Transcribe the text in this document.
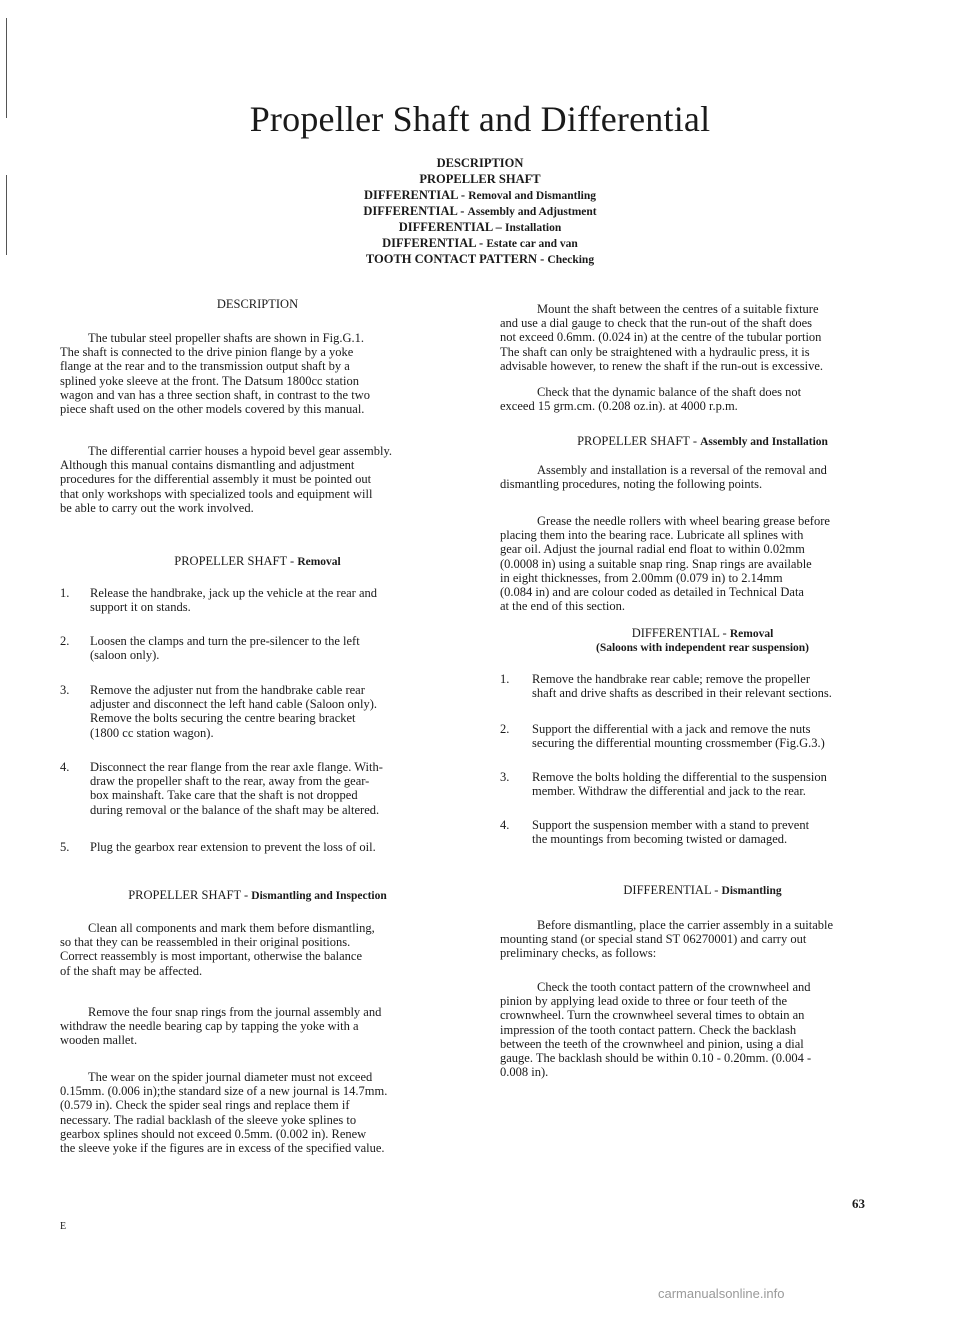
Propeller Shaft and Differential
DESCRIPTION
PROPELLER SHAFT
DIFFERENTIAL - Removal and Dismantling
DIFFERENTIAL - Assembly and Adjustment
DIFFERENTIAL – Installation
DIFFERENTIAL - Estate car and van
TOOTH CONTACT PATTERN - Checking
DESCRIPTION

The tubular steel propeller shafts are shown in Fig.G.1.
The shaft is connected to the drive pinion flange by a yoke
flange at the rear and to the transmission output shaft by a
splined yoke sleeve at the front. The Datsum 1800cc station
wagon and van has a three section shaft, in contrast to the two
piece shaft used on the other models covered by this manual.

The differential carrier houses a hypoid bevel gear assembly.
Although this manual contains dismantling and adjustment
procedures for the differential assembly it must be pointed out
that only workshops with specialized tools and equipment will
be able to carry out the work involved.

PROPELLER SHAFT - Removal
1.	Release the handbrake, jack up the vehicle at the rear and
support it on stands.
2.	Loosen the clamps and turn the pre-silencer to the left
(saloon only).
3.	Remove the adjuster nut from the handbrake cable rear
adjuster and disconnect the left hand cable (Saloon only).
Remove the bolts securing the centre bearing bracket
(1800 cc station wagon).
4.	Disconnect the rear flange from the rear axle flange. With-
draw the propeller shaft to the rear, away from the gear-
box mainshaft. Take care that the shaft is not dropped
during removal or the balance of the shaft may be altered.
5.	Plug the gearbox rear extension to prevent the loss of oil.
PROPELLER SHAFT - Dismantling and Inspection

Clean all components and mark them before dismantling,
so that they can be reassembled in their original positions.
Correct reassembly is most important, otherwise the balance
of the shaft may be affected.

Remove the four snap rings from the journal assembly and
withdraw the needle bearing cap by tapping the yoke with a
wooden mallet.

The wear on the spider journal diameter must not exceed
0.15mm. (0.006 in);the standard size of a new journal is 14.7mm.
(0.579 in). Check the spider seal rings and replace them if
necessary. The radial backlash of the sleeve yoke splines to
gearbox splines should not exceed 0.5mm. (0.002 in). Renew
the sleeve yoke if the figures are in excess of the specified value.

Mount the shaft between the centres of a suitable fixture
and use a dial gauge to check that the run-out of the shaft does
not exceed 0.6mm. (0.024 in) at the centre of the tubular portion
The shaft can only be straightened with a hydraulic press, it is
advisable however, to renew the shaft if the run-out is excessive.

Check that the dynamic balance of the shaft does not
exceed 15 grm.cm. (0.208 oz.in). at 4000 r.p.m.

PROPELLER SHAFT - Assembly and Installation

Assembly and installation is a reversal of the removal and
dismantling procedures, noting the following points.

Grease the needle rollers with wheel bearing grease before
placing them into the bearing race. Lubricate all splines with
gear oil. Adjust the journal radial end float to within 0.02mm
(0.0008 in) using a suitable snap ring. Snap rings are available
in eight thicknesses, from 2.00mm (0.079 in) to 2.14mm
(0.084 in) and are colour coded as detailed in Technical Data
at the end of this section.

DIFFERENTIAL - Removal
(Saloons with independent rear suspension)
1.	Remove the handbrake rear cable; remove the propeller
shaft and drive shafts as described in their relevant sections.
2.	Support the differential with a jack and remove the nuts
securing the differential mounting crossmember (Fig.G.3.)
3.	Remove the bolts holding the differential to the suspension
member. Withdraw the differential and jack to the rear.
4.	Support the suspension member with a stand to prevent
the mountings from becoming twisted or damaged.
DIFFERENTIAL - Dismantling

Before dismantling, place the carrier assembly in a suitable
mounting stand (or special stand ST 06270001) and carry out
preliminary checks, as follows:

Check the tooth contact pattern of the crownwheel and
pinion by applying lead oxide to three or four teeth of the
crownwheel. Turn the crownwheel several times to obtain an
impression of the tooth contact pattern. Check the backlash
between the teeth of the crownwheel and pinion, using a dial
gauge. The backlash should be within 0.10 - 0.20mm. (0.004 -
0.008 in).

63
E
carmanualsonline.info
